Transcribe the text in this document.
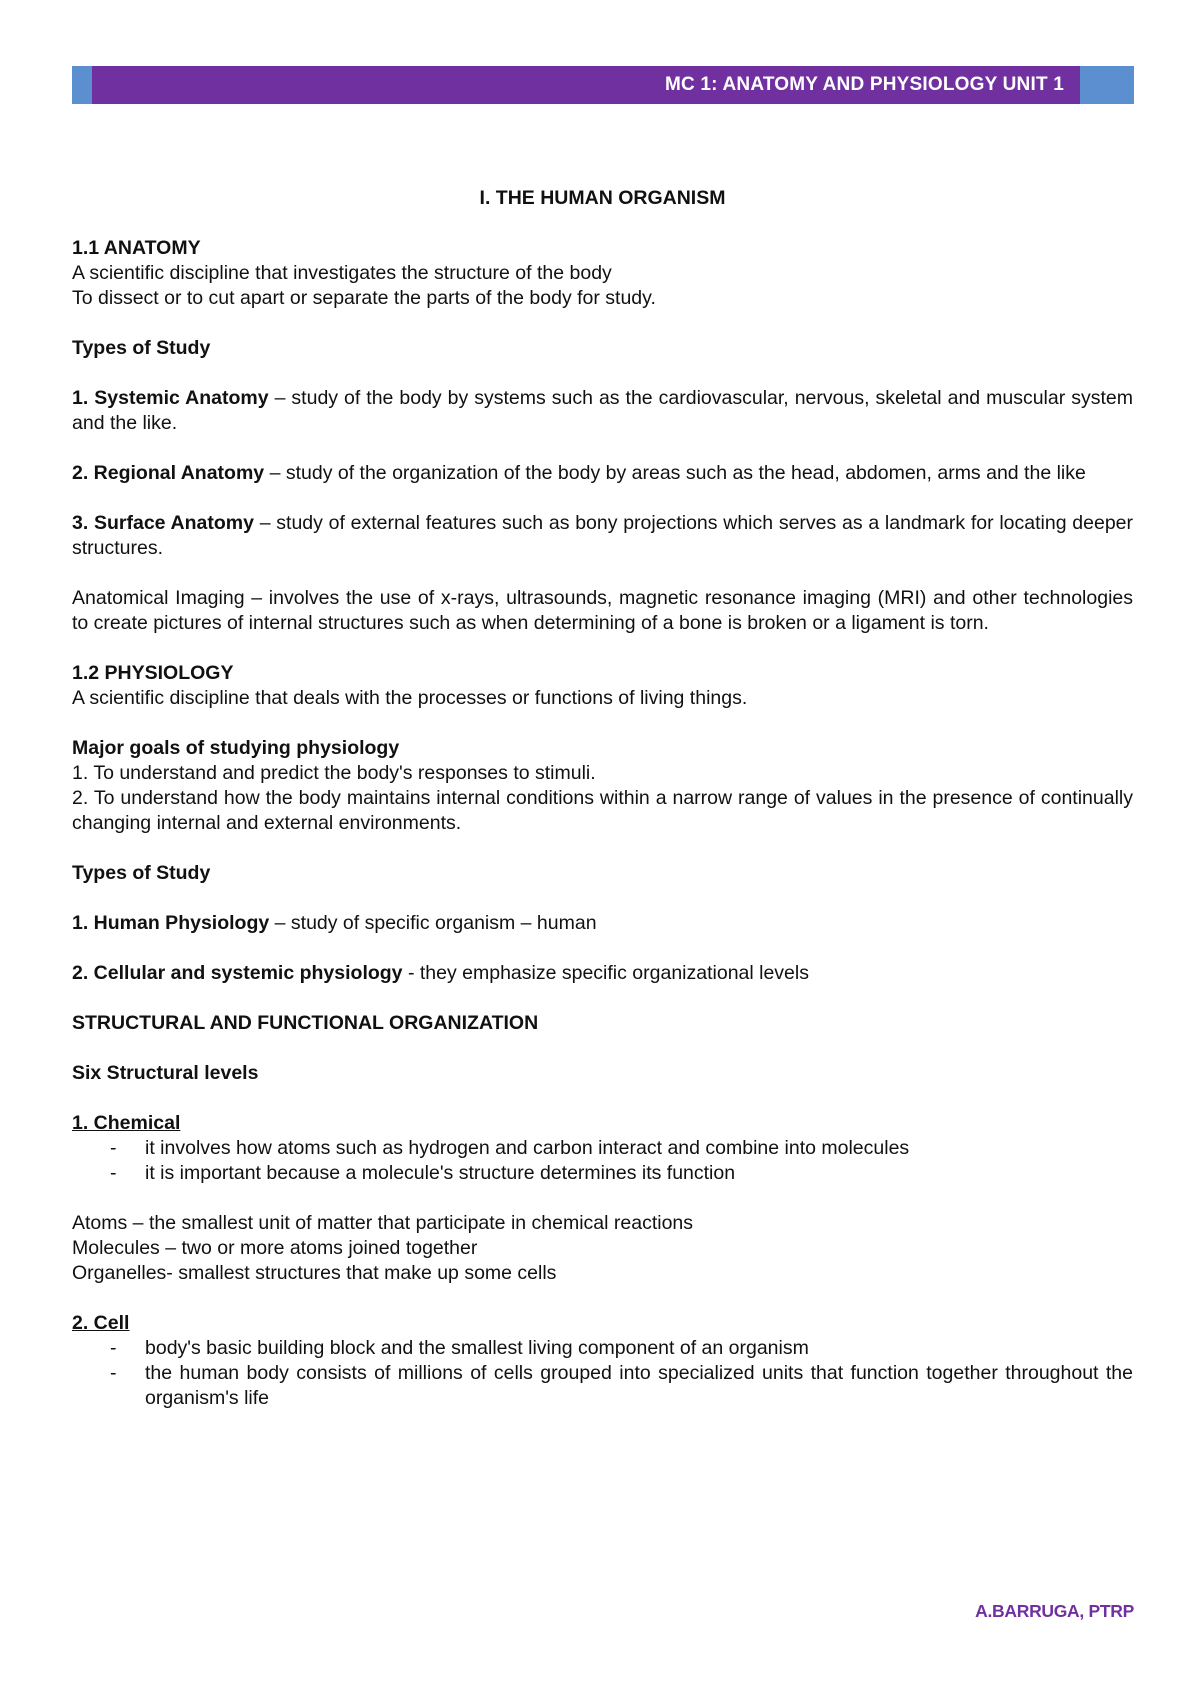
MC 1: ANATOMY AND PHYSIOLOGY UNIT 1

I. THE HUMAN ORGANISM

1.1 ANATOMY

A scientific discipline that investigates the structure of the body

To dissect or to cut apart or separate the parts of the body for study.

Types of Study

1. Systemic Anatomy – study of the body by systems such as the cardiovascular, nervous, skeletal and muscular system and the like.

2. Regional Anatomy – study of the organization of the body by areas such as the head, abdomen, arms and the like

3. Surface Anatomy – study of external features such as bony projections which serves as a landmark for locating deeper structures.

Anatomical Imaging – involves the use of x-rays, ultrasounds, magnetic resonance imaging (MRI) and other technologies to create pictures of internal structures such as when determining of a bone is broken or a ligament is torn.

1.2 PHYSIOLOGY

A scientific discipline that deals with the processes or functions of living things.

Major goals of studying physiology

1. To understand and predict the body's responses to stimuli.

2. To understand how the body maintains internal conditions within a narrow range of values in the presence of continually changing internal and external environments.

Types of Study

1. Human Physiology – study of specific organism – human

2. Cellular and systemic physiology - they emphasize specific organizational levels

STRUCTURAL AND FUNCTIONAL ORGANIZATION

Six Structural levels

1. Chemical

- it involves how atoms such as hydrogen and carbon interact and combine into molecules
- it is important because a molecule's structure determines its function

Atoms – the smallest unit of matter that participate in chemical reactions

Molecules – two or more atoms joined together

Organelles- smallest structures that make up some cells

2. Cell

- body's basic building block and the smallest living component of an organism
- the human body consists of millions of cells grouped into specialized units that function together throughout the organism's life
A.BARRUGA, PTRP
